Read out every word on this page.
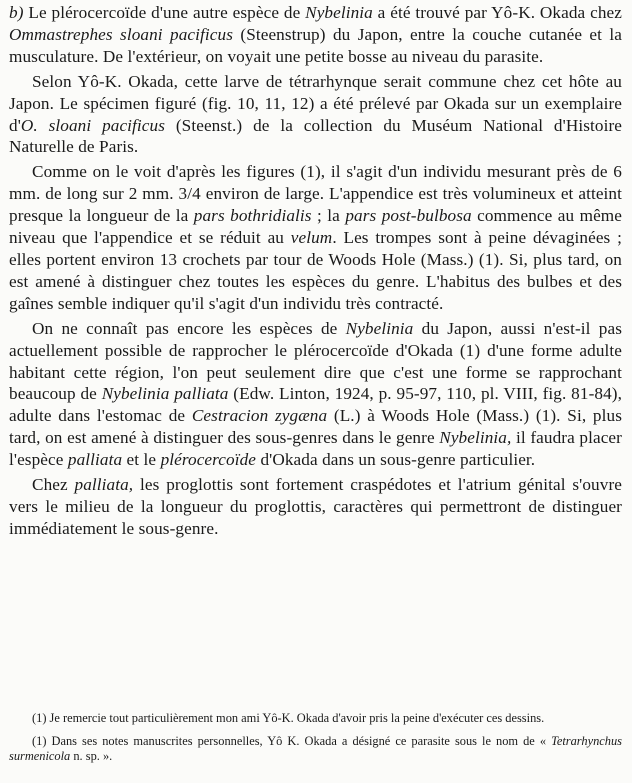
b) Le plérocercoïde d'une autre espèce de Nybelinia a été trouvé par Yô-K. Okada chez Ommastrephes sloani pacificus (Steenstrup) du Japon, entre la couche cutanée et la musculature. De l'extérieur, on voyait une petite bosse au niveau du parasite.

Selon Yô-K. Okada, cette larve de tétrarhynque serait commune chez cet hôte au Japon. Le spécimen figuré (fig. 10, 11, 12) a été prélevé par Okada sur un exemplaire d'O. sloani pacificus (Steenst.) de la collection du Muséum National d'Histoire Naturelle de Paris.

Comme on le voit d'après les figures (1), il s'agit d'un individu mesurant près de 6 mm. de long sur 2 mm. 3/4 environ de large. L'appendice est très volumineux et atteint presque la longueur de la pars bothridialis ; la pars post-bulbosa commence au même niveau que l'appendice et se réduit au velum. Les trompes sont à peine dévaginées ; elles portent environ 13 crochets par tour de Woods Hole (Mass.) (1). Si, plus tard, on est amené à distinguer chez toutes les espèces du genre. L'habitus des bulbes et des gaînes semble indiquer qu'il s'agit d'un individu très contracté.

On ne connaît pas encore les espèces de Nybelinia du Japon, aussi n'est-il pas actuellement possible de rapprocher le plérocercoïde d'Okada (1) d'une forme adulte habitant cette région, l'on peut seulement dire que c'est une forme se rapprochant beaucoup de Nybelinia palliata (Edw. Linton, 1924, p. 95-97, 110, pl. VIII, fig. 81-84), adulte dans l'estomac de Cestracion zygæna (L.) à Woods Hole (Mass.) (1). Si, plus tard, on est amené à distinguer des sous-genres dans le genre Nybelinia, il faudra placer l'espèce palliata et le plérocercoïde d'Okada dans un sous-genre particulier.

Chez palliata, les proglottis sont fortement craspédotes et l'atrium génital s'ouvre vers le milieu de la longueur du proglottis, caractères qui permettront de distinguer immédiatement le sous-genre.

(1) Je remercie tout particulièrement mon ami Yô-K. Okada d'avoir pris la peine d'exécuter ces dessins.

(1) Dans ses notes manuscrites personnelles, Yô K. Okada a désigné ce parasite sous le nom de « Tetrarhynchus surmenicola n. sp. ».
